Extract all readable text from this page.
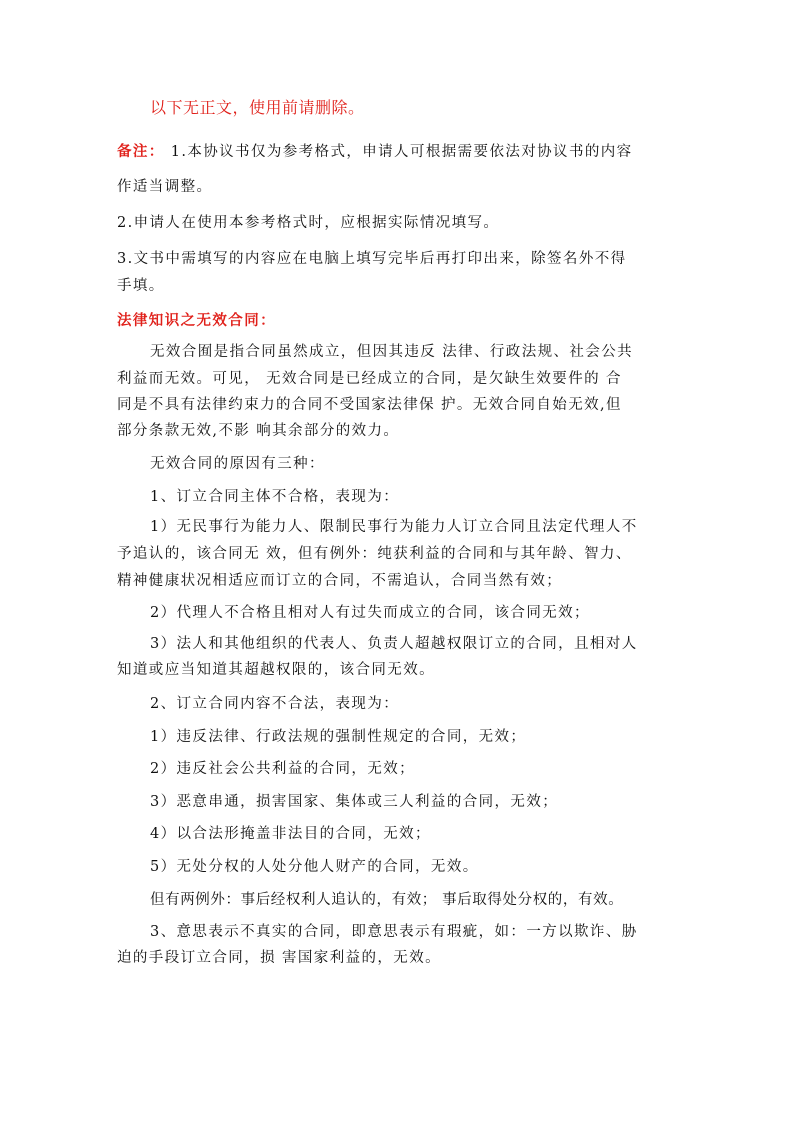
以下无正文，使用前请删除。
备注： 1.本协议书仅为参考格式，申请人可根据需要依法对协议书的内容
作适当调整。
2.申请人在使用本参考格式时，应根据实际情况填写。
3.文书中需填写的内容应在电脑上填写完毕后再打印出来，除签名外不得
手填。
法律知识之无效合同：
无效合囿是指合同虽然成立，但因其违反 法律、行政法规、社会公共
利益而无效。可见， 无效合同是已经成立的合同，是欠缺生效要件的 合
同是不具有法律约束力的合同不受国家法律保 护。无效合同自始无效,但
部分条款无效,不影 响其余部分的效力。
无效合同的原因有三种：
1、订立合同主体不合格，表现为：
1）无民事行为能力人、限制民事行为能力人订立合同且法定代理人不
予追认的，该合同无 效，但有例外：纯获利益的合同和与其年龄、智力、
精神健康状况相适应而订立的合同，不需追认，合同当然有效；
2）代理人不合格且相对人有过失而成立的合同，该合同无效；
3）法人和其他组织的代表人、负责人超越权限订立的合同，且相对人
知道或应当知道其超越权限的，该合同无效。
2、订立合同内容不合法，表现为：
1）违反法律、行政法规的强制性规定的合同，无效；
2）违反社会公共利益的合同，无效；
3）恶意串通，损害国家、集体或三人利益的合同，无效；
4）以合法形掩盖非法目的合同，无效；
5）无处分权的人处分他人财产的合同，无效。
但有两例外：事后经权利人追认的，有效； 事后取得处分权的，有效。
3、意思表示不真实的合同，即意思表示有瑕疵，如：一方以欺诈、胁
迫的手段订立合同，损 害国家利益的，无效。
